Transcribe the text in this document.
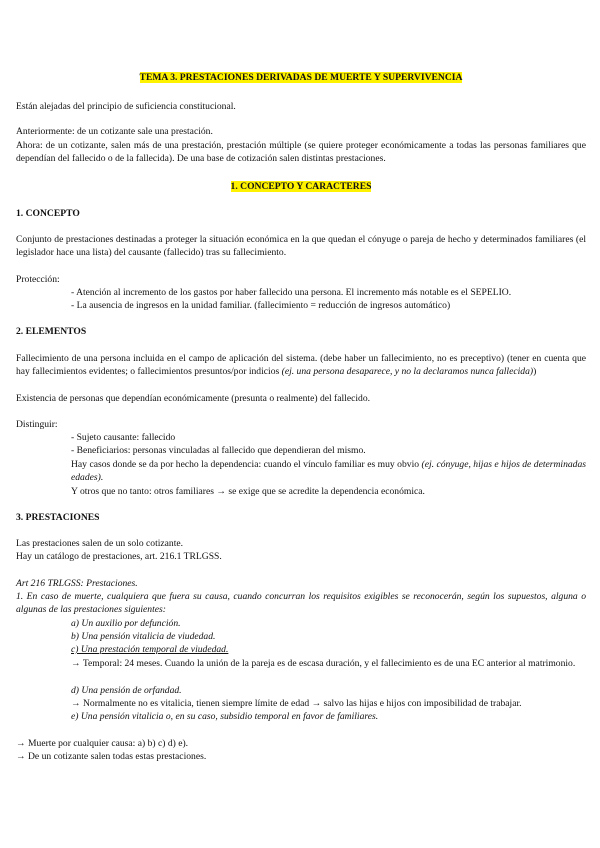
TEMA 3. PRESTACIONES DERIVADAS DE MUERTE Y SUPERVIVENCIA

Están alejadas del principio de suficiencia constitucional.

Anteriormente: de un cotizante sale una prestación.

Ahora: de un cotizante, salen más de una prestación, prestación múltiple (se quiere proteger económicamente a todas las personas familiares que dependían del fallecido o de la fallecida). De una base de cotización salen distintas prestaciones.

1. CONCEPTO Y CARACTERES

1. CONCEPTO

Conjunto de prestaciones destinadas a proteger la situación económica en la que quedan el cónyuge o pareja de hecho y determinados familiares (el legislador hace una lista) del causante (fallecido) tras su fallecimiento.

Protección:

- Atención al incremento de los gastos por haber fallecido una persona. El incremento más notable es el SEPELIO.

- La ausencia de ingresos en la unidad familiar. (fallecimiento = reducción de ingresos automático)

2. ELEMENTOS

Fallecimiento de una persona incluida en el campo de aplicación del sistema. (debe haber un fallecimiento, no es preceptivo) (tener en cuenta que hay fallecimientos evidentes; o fallecimientos presuntos/por indicios (ej. una persona desaparece, y no la declaramos nunca fallecida))

Existencia de personas que dependían económicamente (presunta o realmente) del fallecido.

Distinguir:

- Sujeto causante: fallecido

- Beneficiarios: personas vinculadas al fallecido que dependieran del mismo.

Hay casos donde se da por hecho la dependencia: cuando el vínculo familiar es muy obvio (ej. cónyuge, hijas e hijos de determinadas edades).

Y otros que no tanto: otros familiares → se exige que se acredite la dependencia económica.

3. PRESTACIONES

Las prestaciones salen de un solo cotizante.

Hay un catálogo de prestaciones, art. 216.1 TRLGSS.

Art 216 TRLGSS: Prestaciones.

1. En caso de muerte, cualquiera que fuera su causa, cuando concurran los requisitos exigibles se reconocerán, según los supuestos, alguna o algunas de las prestaciones siguientes:

a) Un auxilio por defunción.

b) Una pensión vitalicia de viudedad.

c) Una prestación temporal de viudedad.

→ Temporal: 24 meses. Cuando la unión de la pareja es de escasa duración, y el fallecimiento es de una EC anterior al matrimonio.

d) Una pensión de orfandad.

→ Normalmente no es vitalicia, tienen siempre límite de edad → salvo las hijas e hijos con imposibilidad de trabajar.

e) Una pensión vitalicia o, en su caso, subsidio temporal en favor de familiares.

→ Muerte por cualquier causa: a) b) c) d) e).

→ De un cotizante salen todas estas prestaciones.
